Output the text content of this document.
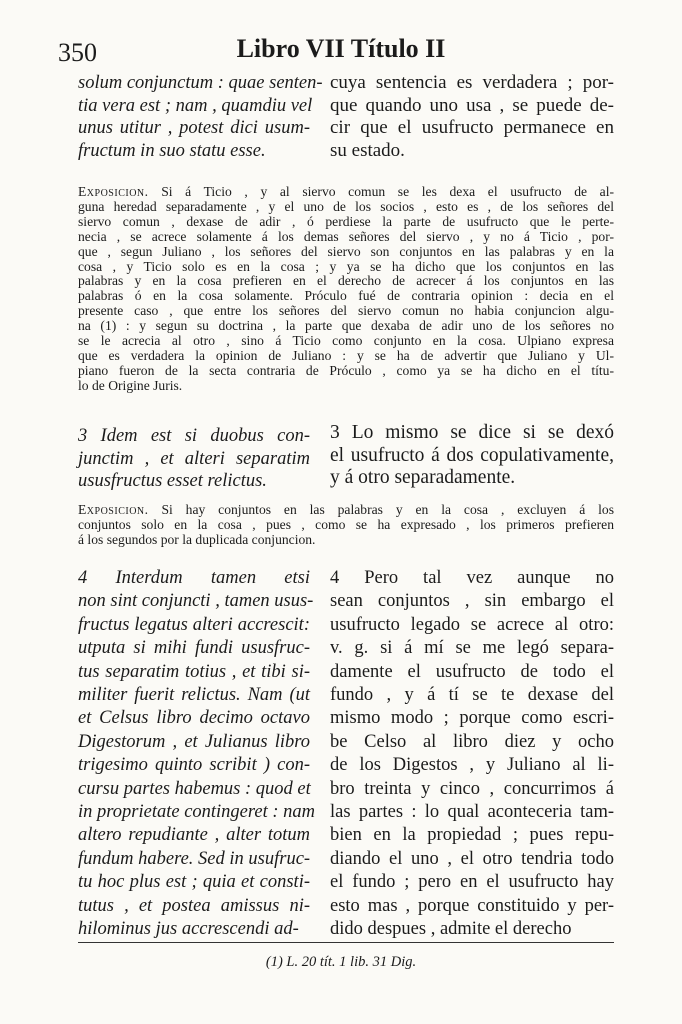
350	Libro VII Título II
solum conjunctum : quae senten-
tia vera est ; nam , quamdiu vel
unus utitur , potest dici usum-
fructum in suo statu esse.
cuya sentencia es verdadera ; por-
que quando uno usa , se puede de-
cir que el usufructo permanece en
su estado.
Exposicion. Si á Ticio , y al siervo comun se les dexa el usufructo de al-
guna heredad separadamente , y el uno de los socios , esto es , de los señores del
siervo comun , dexase de adir , ó perdiese la parte de usufructo que le perte-
necia , se acrece solamente á los demas señores del siervo , y no á Ticio , por-
que , segun Juliano , los señores del siervo son conjuntos en las palabras y en la
cosa , y Ticio solo es en la cosa ; y ya se ha dicho que los conjuntos en las
palabras y en la cosa prefieren en el derecho de acrecer á los conjuntos en las
palabras ó en la cosa solamente. Próculo fué de contraria opinion : decia en el
presente caso , que entre los señores del siervo comun no habia conjuncion algu-
na (1) : y segun su doctrina , la parte que dexaba de adir uno de los señores no
se le acrecia al otro , sino á Ticio como conjunto en la cosa. Ulpiano expresa
que es verdadera la opinion de Juliano : y se ha de advertir que Juliano y Ul-
piano fueron de la secta contraria de Próculo , como ya se ha dicho en el títu-
lo de Origine Juris.
3 Idem est si duobus con-
junctim , et alteri separatim
ususfructus esset relictus.
3 Lo mismo se dice si se dexó
el usufructo á dos copulativamente,
y á otro separadamente.
Exposicion. Si hay conjuntos en las palabras y en la cosa , excluyen á los
conjuntos solo en la cosa , pues , como se ha expresado , los primeros prefieren
á los segundos por la duplicada conjuncion.
4 Interdum tamen etsi
non sint conjuncti , tamen usus-
fructus legatus alteri accrescit:
utputa si mihi fundi ususfruc-
tus separatim totius , et tibi si-
militer fuerit relictus. Nam (ut
et Celsus libro decimo octavo
Digestorum , et Julianus libro
trigesimo quinto scribit ) con-
cursu partes habemus : quod et
in proprietate contingeret : nam
altero repudiante , alter totum
fundum habere. Sed in usufruc-
tu hoc plus est ; quia et consti-
tutus , et postea amissus ni-
hilominus jus accrescendi ad-
4 Pero tal vez aunque no
sean conjuntos , sin embargo el
usufructo legado se acrece al otro:
v. g. si á mí se me legó separa-
damente el usufructo de todo el
fundo , y á tí se te dexase del
mismo modo ; porque como escri-
be Celso al libro diez y ocho
de los Digestos , y Juliano al li-
bro treinta y cinco , concurrimos á
las partes : lo qual aconteceria tam-
bien en la propiedad ; pues repu-
diando el uno , el otro tendria todo
el fundo ; pero en el usufructo hay
esto mas , porque constituido y per-
dido despues , admite el derecho
(1) L. 20 tít. 1 lib. 31 Dig.
